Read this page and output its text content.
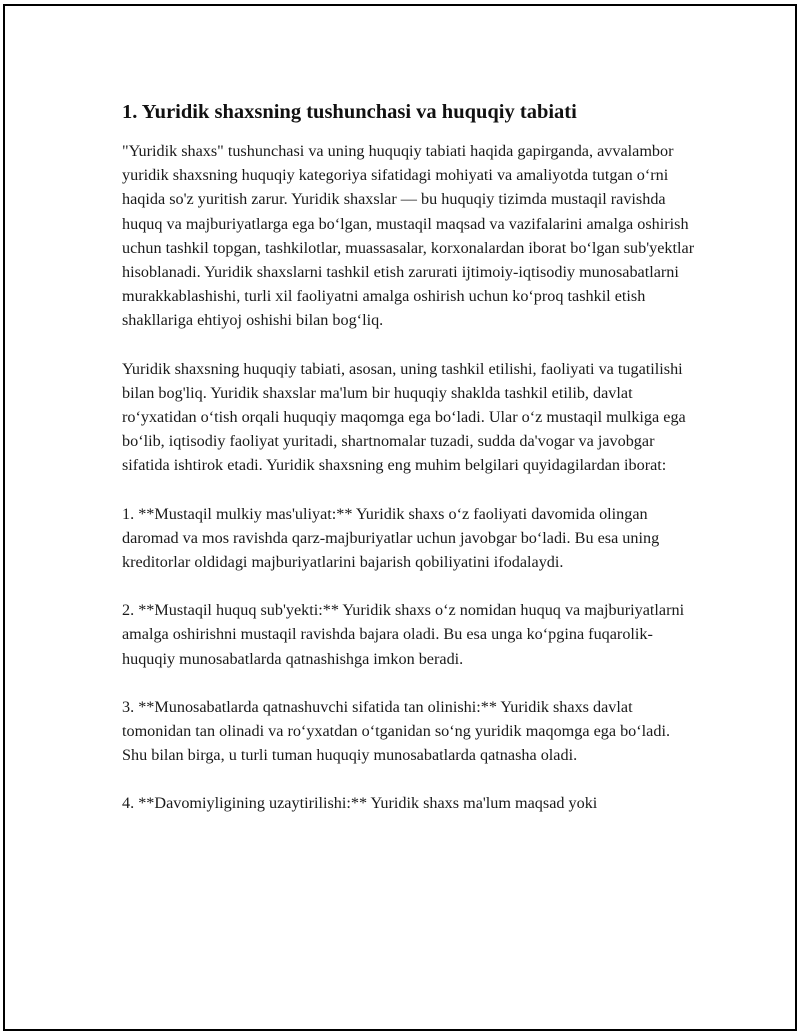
1. Yuridik shaxsning tushunchasi va huquqiy tabiati

"Yuridik shaxs" tushunchasi va uning huquqiy tabiati haqida gapirganda, avvalambor yuridik shaxsning huquqiy kategoriya sifatidagi mohiyati va amaliyotda tutgan o‘rni haqida so'z yuritish zarur. Yuridik shaxslar — bu huquqiy tizimda mustaqil ravishda huquq va majburiyatlarga ega bo‘lgan, mustaqil maqsad va vazifalarini amalga oshirish uchun tashkil topgan, tashkilotlar, muassasalar, korxonalardan iborat bo‘lgan sub'yektlar hisoblanadi. Yuridik shaxslarni tashkil etish zarurati ijtimoiy-iqtisodiy munosabatlarni murakkablashishi, turli xil faoliyatni amalga oshirish uchun ko‘proq tashkil etish shakllariga ehtiyoj oshishi bilan bog‘liq.

Yuridik shaxsning huquqiy tabiati, asosan, uning tashkil etilishi, faoliyati va tugatilishi bilan bog'liq. Yuridik shaxslar ma'lum bir huquqiy shaklda tashkil etilib, davlat ro‘yxatidan o‘tish orqali huquqiy maqomga ega bo‘ladi. Ular o‘z mustaqil mulkiga ega bo‘lib, iqtisodiy faoliyat yuritadi, shartnomalar tuzadi, sudda da'vogar va javobgar sifatida ishtirok etadi. Yuridik shaxsning eng muhim belgilari quyidagilardan iborat:

1. **Mustaqil mulkiy mas'uliyat:** Yuridik shaxs o‘z faoliyati davomida olingan daromad va mos ravishda qarz-majburiyatlar uchun javobgar bo‘ladi. Bu esa uning kreditorlar oldidagi majburiyatlarini bajarish qobiliyatini ifodalaydi.

2. **Mustaqil huquq sub'yekti:** Yuridik shaxs o‘z nomidan huquq va majburiyatlarni amalga oshirishni mustaqil ravishda bajara oladi. Bu esa unga ko‘pgina fuqarolik-huquqiy munosabatlarda qatnashishga imkon beradi.

3. **Munosabatlarda qatnashuvchi sifatida tan olinishi:** Yuridik shaxs davlat tomonidan tan olinadi va ro‘yxatdan o‘tganidan so‘ng yuridik maqomga ega bo‘ladi. Shu bilan birga, u turli tuman huquqiy munosabatlarda qatnasha oladi.

4. **Davomiyligining uzaytirilishi:** Yuridik shaxs ma'lum maqsad yoki
